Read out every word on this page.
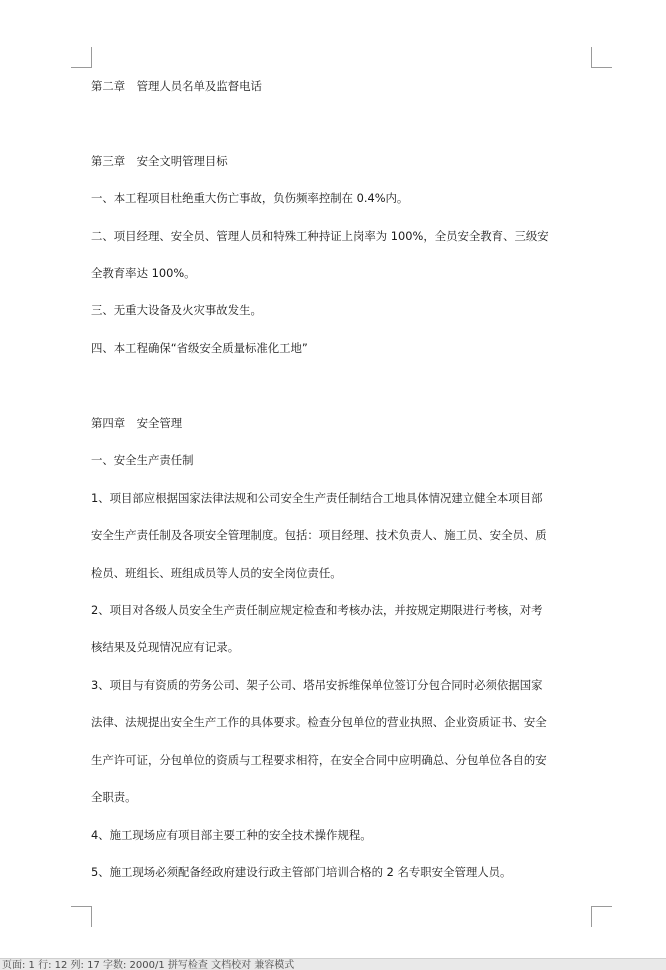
第二章　管理人员名单及监督电话
第三章　安全文明管理目标
一、本工程项目杜绝重大伤亡事故，负伤频率控制在 0.4%内。
二、项目经理、安全员、管理人员和特殊工种持证上岗率为 100%，全员安全教育、三级安
全教育率达 100%。
三、无重大设备及火灾事故发生。
四、本工程确保“省级安全质量标准化工地”
第四章　安全管理
一、安全生产责任制
1、项目部应根据国家法律法规和公司安全生产责任制结合工地具体情况建立健全本项目部
安全生产责任制及各项安全管理制度。包括：项目经理、技术负责人、施工员、安全员、质
检员、班组长、班组成员等人员的安全岗位责任。
2、项目对各级人员安全生产责任制应规定检查和考核办法，并按规定期限进行考核，对考
核结果及兑现情况应有记录。
3、项目与有资质的劳务公司、架子公司、塔吊安拆维保单位签订分包合同时必须依据国家
法律、法规提出安全生产工作的具体要求。检查分包单位的营业执照、企业资质证书、安全
生产许可证，分包单位的资质与工程要求相符，在安全合同中应明确总、分包单位各自的安
全职责。
4、施工现场应有项目部主要工种的安全技术操作规程。
5、施工现场必须配备经政府建设行政主管部门培训合格的 2 名专职安全管理人员。
页面: 1 行: 12 列: 17 字数: 2000/1 拼写检查 文档校对 兼容模式
